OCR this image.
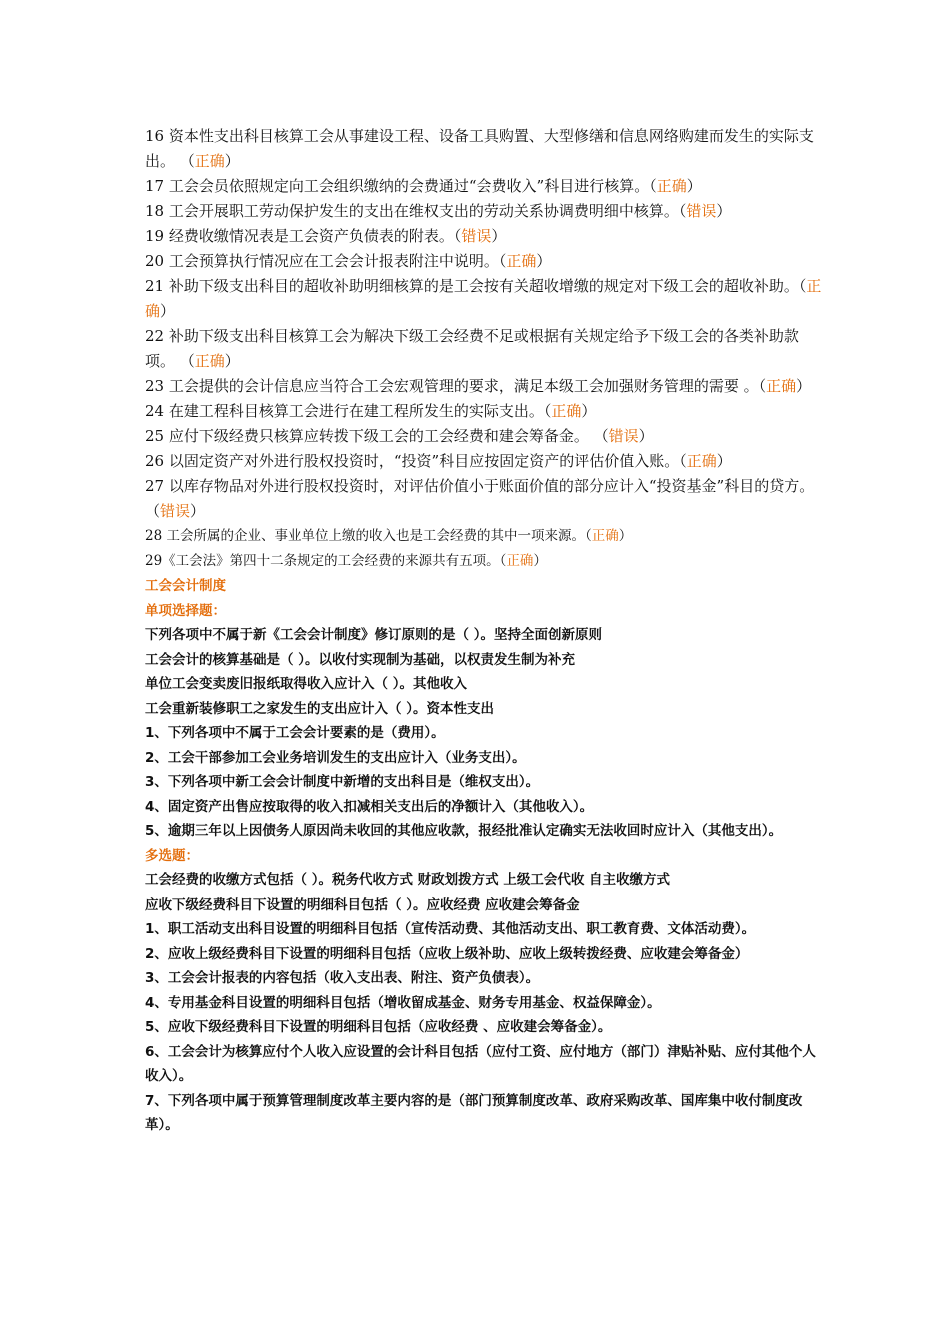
16 资本性支出科目核算工会从事建设工程、设备工具购置、大型修缮和信息网络购建而发生的实际支出。 （正确）

17 工会会员依照规定向工会组织缴纳的会费通过“会费收入”科目进行核算。（正确）

18 工会开展职工劳动保护发生的支出在维权支出的劳动关系协调费明细中核算。（错误）

19 经费收缴情况表是工会资产负债表的附表。（错误）

20 工会预算执行情况应在工会会计报表附注中说明。（正确）

21 补助下级支出科目的超收补助明细核算的是工会按有关超收增缴的规定对下级工会的超收补助。（正确）

22 补助下级支出科目核算工会为解决下级工会经费不足或根据有关规定给予下级工会的各类补助款项。 （正确）

23 工会提供的会计信息应当符合工会宏观管理的要求，满足本级工会加强财务管理的需要 。（正确）

24 在建工程科目核算工会进行在建工程所发生的实际支出。（正确）

25 应付下级经费只核算应转拨下级工会的工会经费和建会筹备金。 （错误）

26 以固定资产对外进行股权投资时，“投资”科目应按固定资产的评估价值入账。（正确）

27 以库存物品对外进行股权投资时，对评估价值小于账面价值的部分应计入“投资基金”科目的贷方。（错误）

28 工会所属的企业、事业单位上缴的收入也是工会经费的其中一项来源。（正确）

29《工会法》第四十二条规定的工会经费的来源共有五项。（正确）

工会会计制度

单项选择题：

下列各项中不属于新《工会会计制度》修订原则的是（ ）。坚持全面创新原则

工会会计的核算基础是（ ）。以收付实现制为基础，以权责发生制为补充

单位工会变卖废旧报纸取得收入应计入（ ）。其他收入

工会重新装修职工之家发生的支出应计入（ ）。资本性支出

1、下列各项中不属于工会会计要素的是（费用）。

2、工会干部参加工会业务培训发生的支出应计入（业务支出）。

3、下列各项中新工会会计制度中新增的支出科目是（维权支出）。

4、固定资产出售应按取得的收入扣减相关支出后的净额计入（其他收入）。

5、逾期三年以上因债务人原因尚未收回的其他应收款，报经批准认定确实无法收回时应计入（其他支出）。

多选题：

工会经费的收缴方式包括（ ）。税务代收方式 财政划拨方式 上级工会代收 自主收缴方式

应收下级经费科目下设置的明细科目包括（ ）。应收经费 应收建会筹备金

1、职工活动支出科目设置的明细科目包括（宣传活动费、其他活动支出、职工教育费、文体活动费）。

2、应收上级经费科目下设置的明细科目包括（应收上级补助、应收上级转拨经费、应收建会筹备金）

3、工会会计报表的内容包括（收入支出表、附注、资产负债表）。

4、专用基金科目设置的明细科目包括（增收留成基金、财务专用基金、权益保障金）。

5、应收下级经费科目下设置的明细科目包括（应收经费 、应收建会筹备金）。

6、工会会计为核算应付个人收入应设置的会计科目包括（应付工资、应付地方（部门）津贴补贴、应付其他个人收入）。

7、下列各项中属于预算管理制度改革主要内容的是（部门预算制度改革、政府采购改革、国库集中收付制度改革）。
